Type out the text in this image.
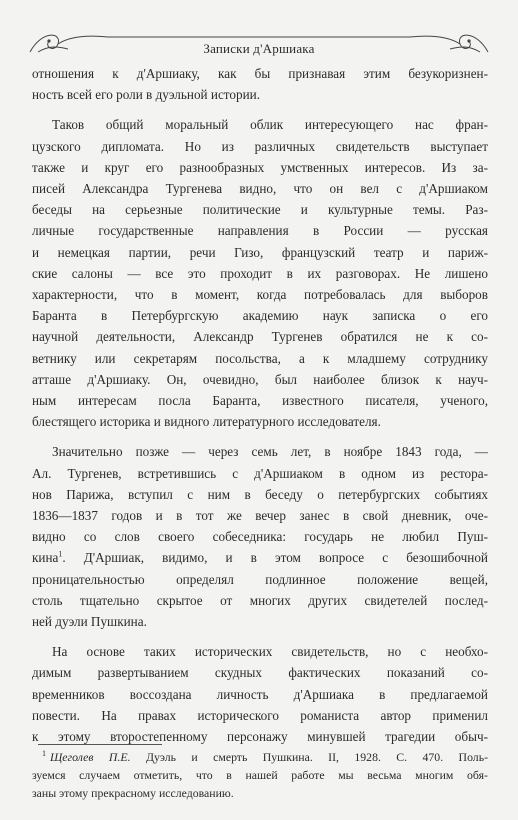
Записки д'Аршиака

отношения к д'Аршиаку, как бы признавая этим безукоризнен-

ность всей его роли в дуэльной истории.

Таков общий моральный облик интересующего нас фран-

цузского дипломата. Но из различных свидетельств выступает

также и круг его разнообразных умственных интересов. Из за-

писей Александра Тургенева видно, что он вел с д'Аршиаком

беседы на серьезные политические и культурные темы. Раз-

личные государственные направления в России — русская

и немецкая партии, речи Гизо, французский театр и париж-

ские салоны — все это проходит в их разговорах. Не лишено

характерности, что в момент, когда потребовалась для выборов

Баранта в Петербургскую академию наук записка о его

научной деятельности, Александр Тургенев обратился не к со-

ветнику или секретарям посольства, а к младшему сотруднику

атташе д'Аршиаку. Он, очевидно, был наиболее близок к науч-

ным интересам посла Баранта, известного писателя, ученого,

блестящего историка и видного литературного исследователя.

Значительно позже — через семь лет, в ноябре 1843 года, —

Ал. Тургенев, встретившись с д'Аршиаком в одном из рестора-

нов Парижа, вступил с ним в беседу о петербургских событиях

1836—1837 годов и в тот же вечер занес в свой дневник, оче-

видно со слов своего собеседника: государь не любил Пуш-

кина$^1$. Д'Аршиак, видимо, и в этом вопросе с безошибочной

проницательностью определял подлинное положение вещей,

столь тщательно скрытое от многих других свидетелей послед-

ней дуэли Пушкина.

На основе таких исторических свидетельств, но с необхо-

димым развертыванием скудных фактических показаний со-

временников воссоздана личность д'Аршиака в предлагаемой

повести. На правах исторического романиста автор применил

к этому второстепенному персонажу минувшей трагедии обыч-

$^1$ Щеголев П.Е. Дуэль и смерть Пушкина. II, 1928. С. 470. Поль-

зуемся случаем отметить, что в нашей работе мы весьма многим обя-

заны этому прекрасному исследованию.
